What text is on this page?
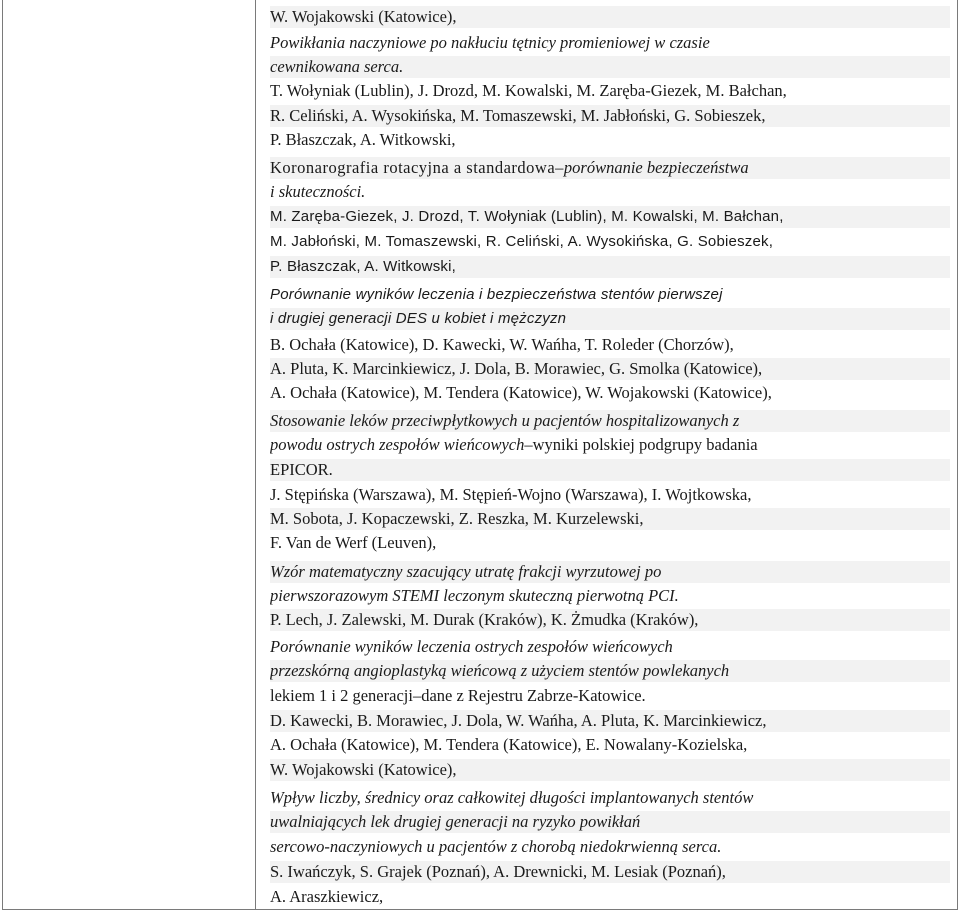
W. Wojakowski (Katowice),
Powikłania naczyniowe po nakłuciu tętnicy promieniowej w czasie
cewnikowana serca.
T. Wołyniak (Lublin), J. Drozd, M. Kowalski, M. Zaręba-Giezek, M. Bałchan,
R. Celiński, A. Wysokińska, M. Tomaszewski, M. Jabłoński, G. Sobieszek,
P. Błaszczak, A. Witkowski,
Koronarografia rotacyjna a standardowa–porównanie bezpieczeństwa
i skuteczności.
M. Zaręba-Giezek, J. Drozd, T. Wołyniak (Lublin), M. Kowalski, M. Bałchan,
M. Jabłoński, M. Tomaszewski, R. Celiński, A. Wysokińska, G. Sobieszek,
P. Błaszczak, A. Witkowski,
Porównanie wyników leczenia i bezpieczeństwa stentów pierwszej
i drugiej generacji DES u kobiet i mężczyzn
B. Ochała (Katowice), D. Kawecki, W. Wańha, T. Roleder (Chorzów),
A. Pluta, K. Marcinkiewicz, J. Dola, B. Morawiec, G. Smolka (Katowice),
A. Ochała (Katowice), M. Tendera (Katowice), W. Wojakowski (Katowice),
Stosowanie leków przeciwpłytkowych u pacjentów hospitalizowanych z
powodu ostrych zespołów wieńcowych–wyniki polskiej podgrupy badania
EPICOR.
J. Stępińska (Warszawa), M. Stępień-Wojno (Warszawa), I. Wojtkowska,
M. Sobota, J. Kopaczewski, Z. Reszka, M. Kurzelewski,
F. Van de Werf (Leuven),
Wzór matematyczny szacujący utratę frakcji wyrzutowej po
pierwszorazowym STEMI leczonym skuteczną pierwotną PCI.
P. Lech, J. Zalewski, M. Durak (Kraków), K. Żmudka (Kraków),
Porównanie wyników leczenia ostrych zespołów wieńcowych
przezskórną angioplastyką wieńcową z użyciem stentów powlekanych
lekiem 1 i 2 generacji–dane z Rejestru Zabrze-Katowice.
D. Kawecki, B. Morawiec, J. Dola, W. Wańha, A. Pluta, K. Marcinkiewicz,
A. Ochała (Katowice), M. Tendera (Katowice), E. Nowalany-Kozielska,
W. Wojakowski (Katowice),
Wpływ liczby, średnicy oraz całkowitej długości implantowanych stentów
uwalniających lek drugiej generacji na ryzyko powikłań
sercowo-naczyniowych u pacjentów z chorobą niedokrwienną serca.
S. Iwańczyk, S. Grajek (Poznań), A. Drewnicki, M. Lesiak (Poznań),
A. Araszkiewicz,
